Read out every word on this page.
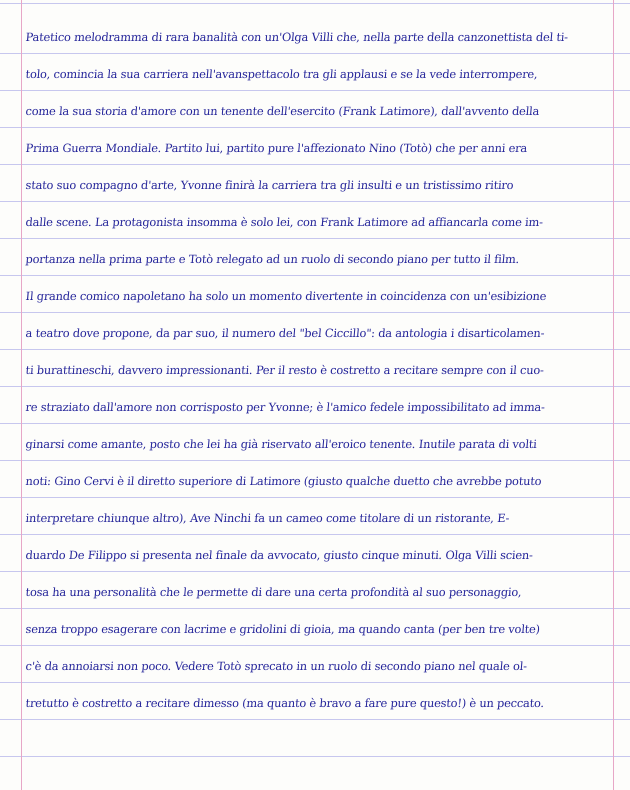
Patetico melodramma di rara banalità con un'Olga Villi che, nella parte della canzonettista del ti-
tolo, comincia la sua carriera nell'avanspettacolo tra gli applausi e se la vede interrompere,
come la sua storia d'amore con un tenente dell'esercito (Frank Latimore), dall'avvento della
Prima Guerra Mondiale. Partito lui, partito pure l'affezionato Nino (Totò) che per anni era
stato suo compagno d'arte, Yvonne finirà la carriera tra gli insulti e un tristissimo ritiro
dalle scene. La protagonista insomma è solo lei, con Frank Latimore ad affiancarla come im-
portanza nella prima parte e Totò relegato ad un ruolo di secondo piano per tutto il film.
Il grande comico napoletano ha solo un momento divertente in coincidenza con un'esibizione
a teatro dove propone, da par suo, il numero del "bel Ciccillo": da antologia i disarticolamen-
ti burattineschi, davvero impressionanti. Per il resto è costretto a recitare sempre con il cuo-
re straziato dall'amore non corrisposto per Yvonne; è l'amico fedele impossibilitato ad imma-
ginarsi come amante, posto che lei ha già riservato all'eroico tenente. Inutile parata di volti
noti: Gino Cervi è il diretto superiore di Latimore (giusto qualche duetto che avrebbe potuto
interpretare chiunque altro), Ave Ninchi fa un cameo come titolare di un ristorante, E-
duardo De Filippo si presenta nel finale da avvocato, giusto cinque minuti. Olga Villi scien-
tosa ha una personalità che le permette di dare una certa profondità al suo personaggio,
senza troppo esagerare con lacrime e gridolini di gioia, ma quando canta (per ben tre volte)
c'è da annoiarsi non poco. Vedere Totò sprecato in un ruolo di secondo piano nel quale ol-
tretutto è costretto a recitare dimesso (ma quanto è bravo a fare pure questo!) è un peccato.
